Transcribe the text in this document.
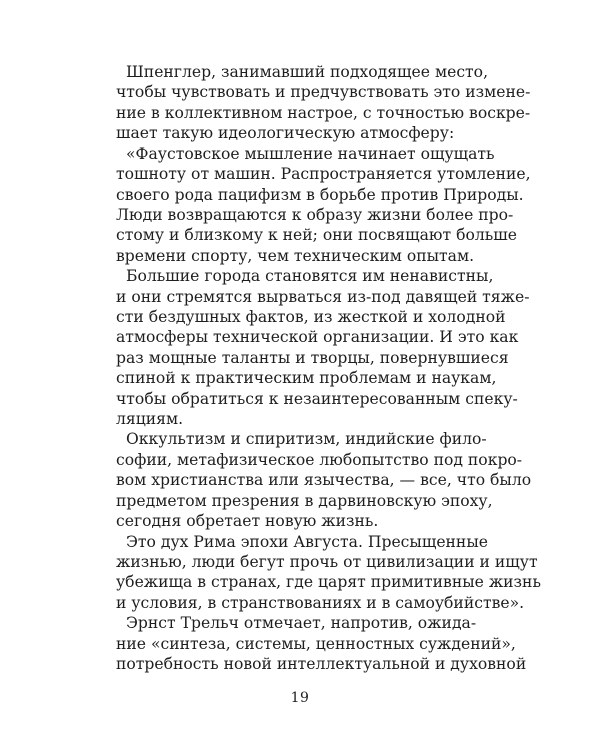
Шпенглер, занимавший подходящее место,
чтобы чувствовать и предчувствовать это измене-
ние в коллективном настрое, с точностью воскре-
шает такую идеологическую атмосферу:
«Фаустовское мышление начинает ощущать
тошноту от машин. Распространяется утомление,
своего рода пацифизм в борьбе против Природы.
Люди возвращаются к образу жизни более про-
стому и близкому к ней; они посвящают больше
времени спорту, чем техническим опытам.
Большие города становятся им ненавистны,
и они стремятся вырваться из-под давящей тяже-
сти бездушных фактов, из жесткой и холодной
атмосферы технической организации. И это как
раз мощные таланты и творцы, повернувшиеся
спиной к практическим проблемам и наукам,
чтобы обратиться к незаинтересованным спеку-
ляциям.
Оккультизм и спиритизм, индийские фило-
софии, метафизическое любопытство под покро-
вом христианства или язычества, — все, что было
предметом презрения в дарвиновскую эпоху,
сегодня обретает новую жизнь.
Это дух Рима эпохи Августа. Пресыщенные
жизнью, люди бегут прочь от цивилизации и ищут
убежища в странах, где царят примитивные жизнь
и условия, в странствованиях и в самоубийстве».
Эрнст Трельч отмечает, напротив, ожида-
ние «синтеза, системы, ценностных суждений»,
потребность новой интеллектуальной и духовной
19
